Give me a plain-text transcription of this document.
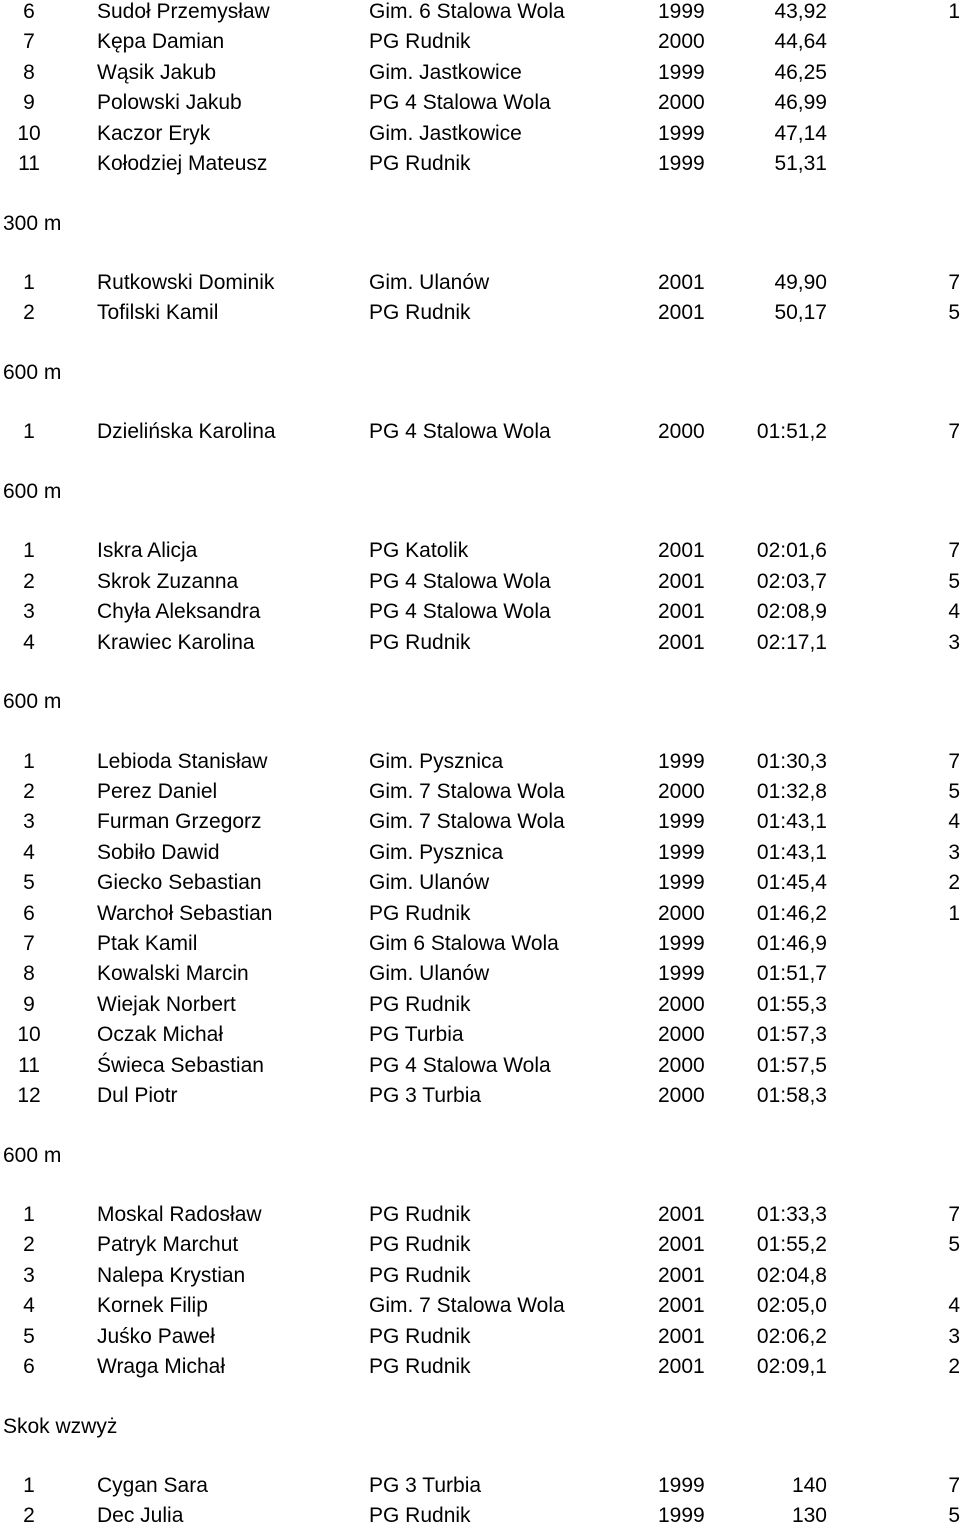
6	Sudoł Przemysław	Gim. 6 Stalowa Wola	1999	43,92	1
7	Kępa Damian	PG Rudnik	2000	44,64
8	Wąsik Jakub	Gim. Jastkowice	1999	46,25
9	Polowski Jakub	PG 4 Stalowa Wola	2000	46,99
10	Kaczor Eryk	Gim. Jastkowice	1999	47,14
11	Kołodziej Mateusz	PG Rudnik	1999	51,31
300 m
1	Rutkowski Dominik	Gim. Ulanów	2001	49,90	7
2	Tofilski Kamil	PG Rudnik	2001	50,17	5
600 m
1	Dzielińska Karolina	PG 4 Stalowa Wola	2000	01:51,2	7
600 m
1	Iskra Alicja	PG Katolik	2001	02:01,6	7
2	Skrok Zuzanna	PG 4 Stalowa Wola	2001	02:03,7	5
3	Chyła Aleksandra	PG 4 Stalowa Wola	2001	02:08,9	4
4	Krawiec Karolina	PG Rudnik	2001	02:17,1	3
600 m
1	Lebioda Stanisław	Gim. Pysznica	1999	01:30,3	7
2	Perez Daniel	Gim. 7 Stalowa Wola	2000	01:32,8	5
3	Furman Grzegorz	Gim. 7 Stalowa Wola	1999	01:43,1	4
4	Sobiło Dawid	Gim. Pysznica	1999	01:43,1	3
5	Giecko Sebastian	Gim. Ulanów	1999	01:45,4	2
6	Warchoł Sebastian	PG Rudnik	2000	01:46,2	1
7	Ptak Kamil	Gim 6 Stalowa Wola	1999	01:46,9
8	Kowalski Marcin	Gim. Ulanów	1999	01:51,7
9	Wiejak Norbert	PG Rudnik	2000	01:55,3
10	Oczak Michał	PG Turbia	2000	01:57,3
11	Świeca Sebastian	PG 4 Stalowa Wola	2000	01:57,5
12	Dul Piotr	PG 3 Turbia	2000	01:58,3
600 m
1	Moskal Radosław	PG Rudnik	2001	01:33,3	7
2	Patryk Marchut	PG Rudnik	2001	01:55,2	5
3	Nalepa Krystian	PG Rudnik	2001	02:04,8
4	Kornek Filip	Gim. 7 Stalowa Wola	2001	02:05,0	4
5	Juśko Paweł	PG Rudnik	2001	02:06,2	3
6	Wraga Michał	PG Rudnik	2001	02:09,1	2
Skok wzwyż
1	Cygan Sara	PG 3 Turbia	1999	140	7
2	Dec Julia	PG Rudnik	1999	130	5
